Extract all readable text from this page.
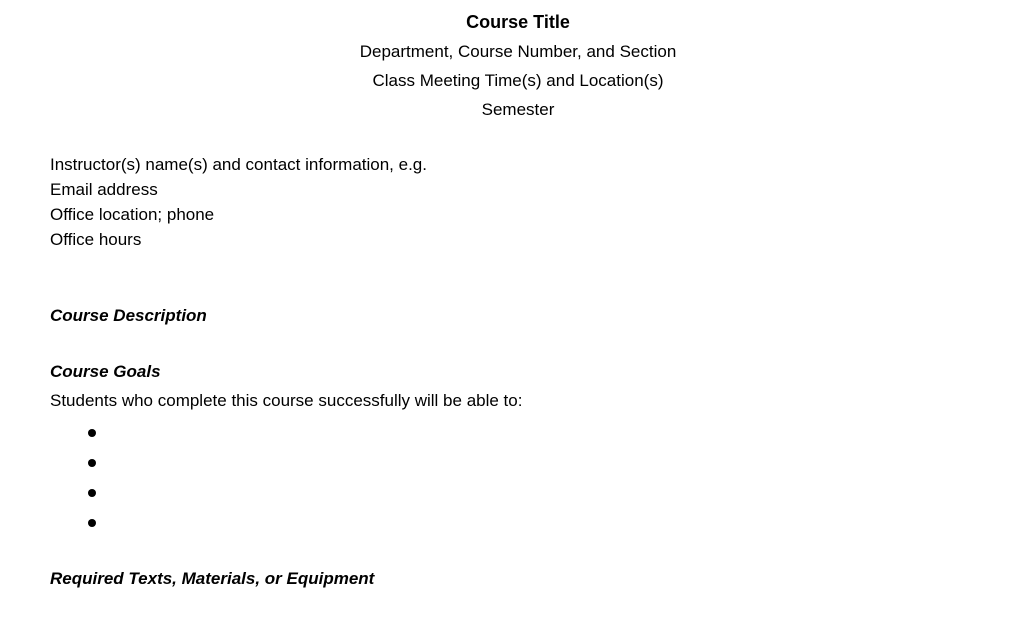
Course Title
Department, Course Number, and Section
Class Meeting Time(s) and Location(s)
Semester
Instructor(s) name(s) and contact information, e.g.
Email address
Office location; phone
Office hours
Course Description
Course Goals
Students who complete this course successfully will be able to:
Required Texts, Materials, or Equipment
